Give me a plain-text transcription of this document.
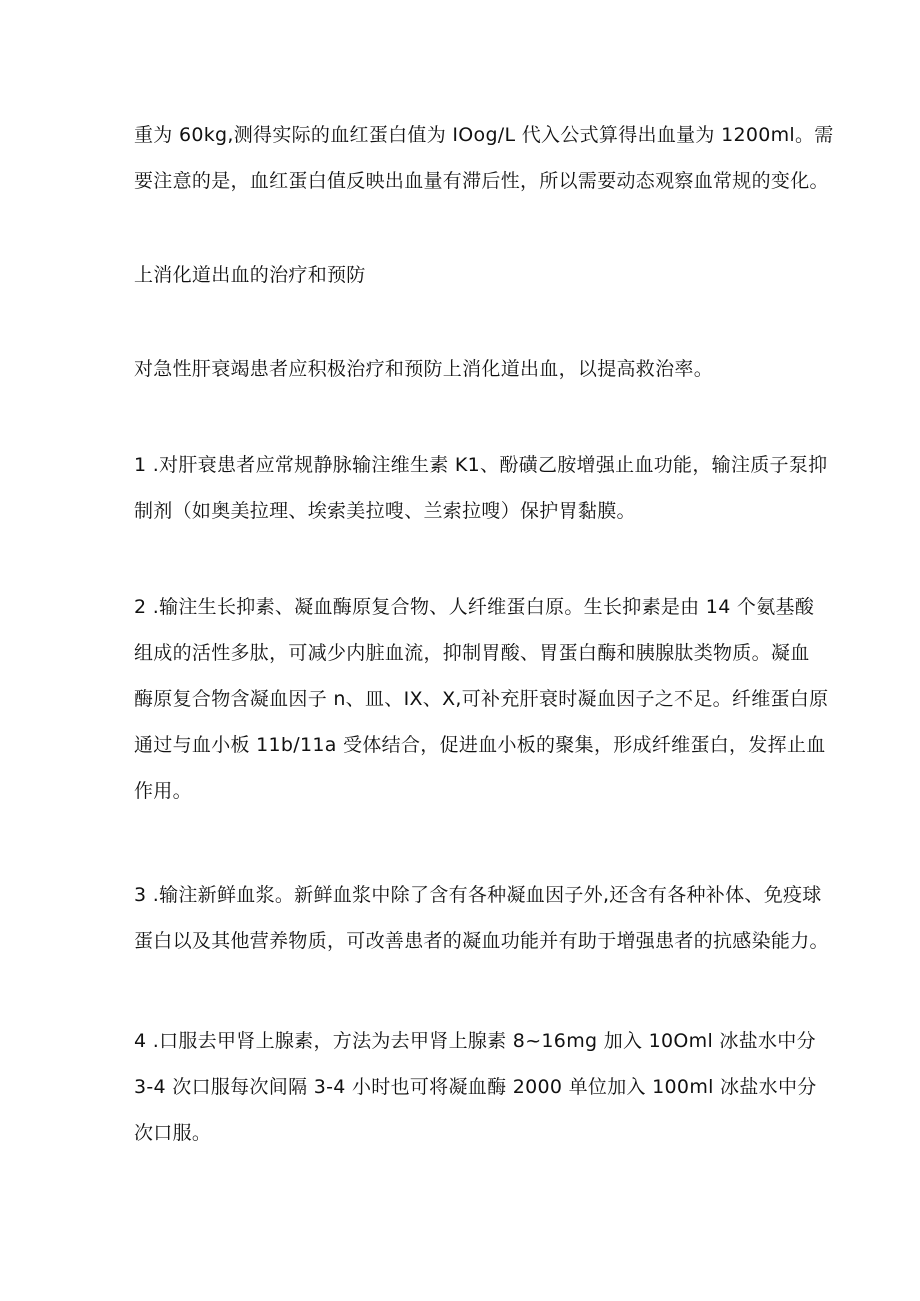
重为 60kg,测得实际的血红蛋白值为 IOog/L 代入公式算得出血量为 1200ml。需
要注意的是，血红蛋白值反映出血量有滞后性，所以需要动态观察血常规的变化。

上消化道出血的治疗和预防

对急性肝衰竭患者应积极治疗和预防上消化道出血，以提高救治率。

1 .对肝衰患者应常规静脉输注维生素 K1、酚磺乙胺增强止血功能，输注质子泵抑
制剂（如奥美拉理、埃索美拉嗖、兰索拉嗖）保护胃黏膜。

2 .输注生长抑素、凝血酶原复合物、人纤维蛋白原。生长抑素是由 14 个氨基酸
组成的活性多肽，可减少内脏血流，抑制胃酸、胃蛋白酶和胰腺肽类物质。凝血
酶原复合物含凝血因子 n、皿、IX、X,可补充肝衰时凝血因子之不足。纤维蛋白原
通过与血小板 11b∕11a 受体结合，促进血小板的聚集，形成纤维蛋白，发挥止血
作用。

3 .输注新鲜血浆。新鲜血浆中除了含有各种凝血因子外,还含有各种补体、免疫球
蛋白以及其他营养物质，可改善患者的凝血功能并有助于增强患者的抗感染能力。

4 .口服去甲肾上腺素，方法为去甲肾上腺素 8~16mg 加入 10Oml 冰盐水中分
3-4 次口服每次间隔 3-4 小时也可将凝血酶 2000 单位加入 100ml 冰盐水中分
次口服。
